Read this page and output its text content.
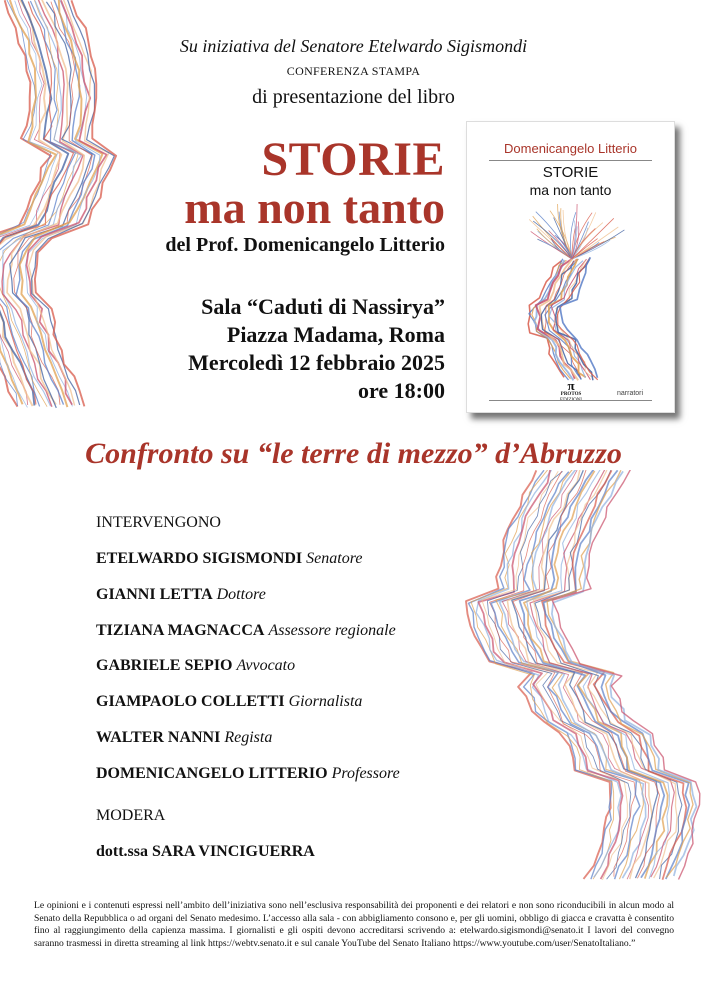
Su iniziativa del Senatore Etelwardo Sigismondi
CONFERENZA STAMPA
di presentazione del libro
STORIE
ma non tanto
del Prof. Domenicangelo Litterio
Sala “Caduti di Nassirya”
Piazza Madama, Roma
Mercoledì 12 febbraio 2025
ore 18:00
Domenicangelo Litterio
STORIE
ma non tanto
π
PROTOS	narratori
Confronto su “le terre di mezzo” d’Abruzzo
INTERVENGONO
ETELWARDO SIGISMONDI Senatore
GIANNI LETTA Dottore
TIZIANA MAGNACCA Assessore regionale
GABRIELE SEPIO Avvocato
GIAMPAOLO COLLETTI Giornalista
WALTER NANNI Regista
DOMENICANGELO LITTERIO Professore
MODERA
dott.ssa SARA VINCIGUERRA
Le opinioni e i contenuti espressi nell’ambito dell’iniziativa sono nell’esclusiva responsabilità dei proponenti e dei relatori e non sono riconducibili in alcun modo al Senato della Repubblica o ad organi del Senato medesimo. L’accesso alla sala - con abbigliamento consono e, per gli uomini, obbligo di giacca e cravatta è consentito fino al raggiungimento della capienza massima. I giornalisti e gli ospiti devono accreditarsi scrivendo a: etelwardo.sigismondi@senato.it I lavori del convegno saranno trasmessi in diretta streaming al link https://webtv.senato.it e sul canale YouTube del Senato Italiano https://www.youtube.com/user/SenatoItaliano.”
